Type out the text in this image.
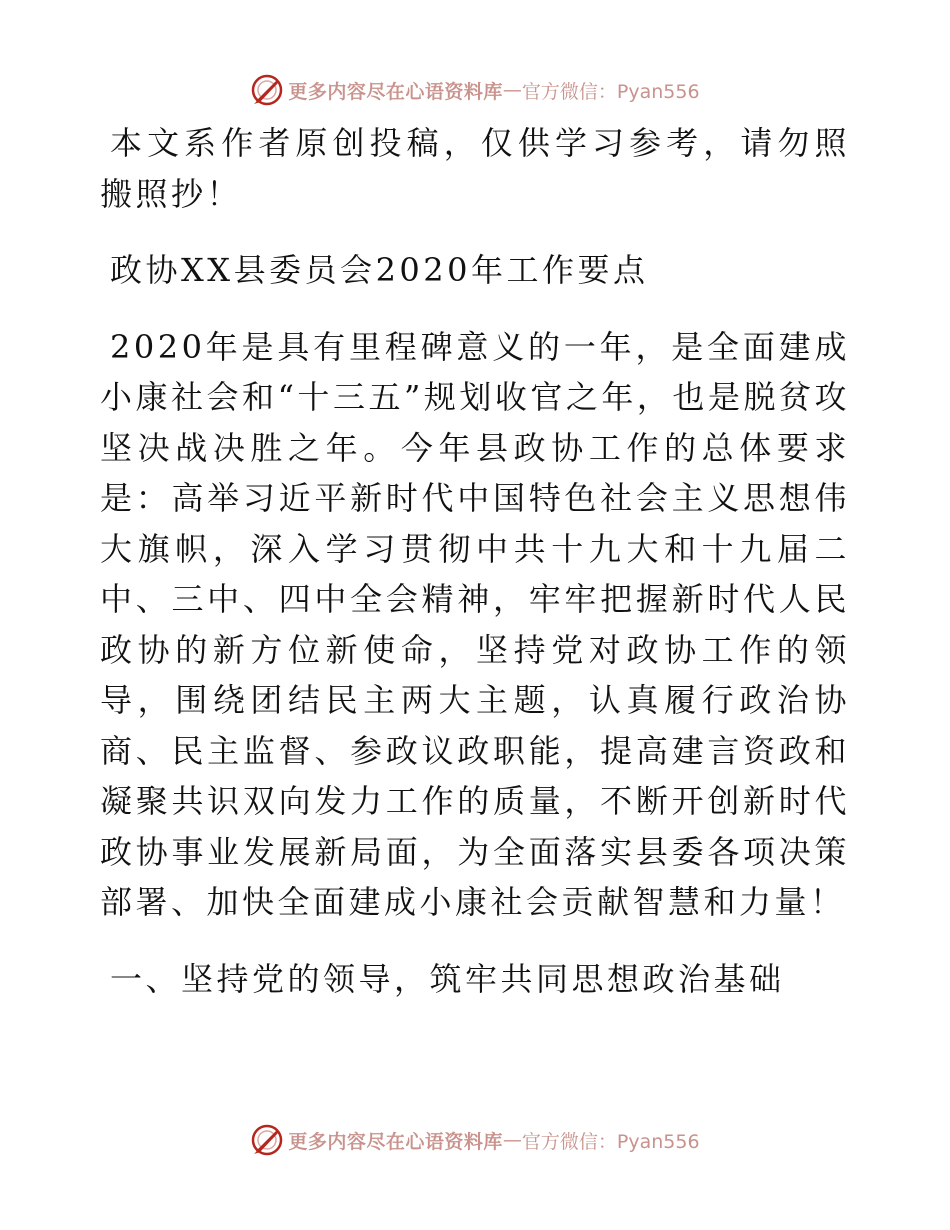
更多内容尽在心语资料库 — 官方微信：Pyan556

本文系作者原创投稿，仅供学习参考，请勿照搬照抄！

政协XX县委员会2020年工作要点

2020年是具有里程碑意义的一年，是全面建成小康社会和“十三五”规划收官之年，也是脱贫攻坚决战决胜之年。今年县政协工作的总体要求是：高举习近平新时代中国特色社会主义思想伟大旗帜，深入学习贯彻中共十九大和十九届二中、三中、四中全会精神，牢牢把握新时代人民政协的新方位新使命，坚持党对政协工作的领导，围绕团结民主两大主题，认真履行政治协商、民主监督、参政议政职能，提高建言资政和凝聚共识双向发力工作的质量，不断开创新时代政协事业发展新局面，为全面落实县委各项决策部署、加快全面建成小康社会贡献智慧和力量！

一、坚持党的领导，筑牢共同思想政治基础

更多内容尽在心语资料库 — 官方微信：Pyan556
